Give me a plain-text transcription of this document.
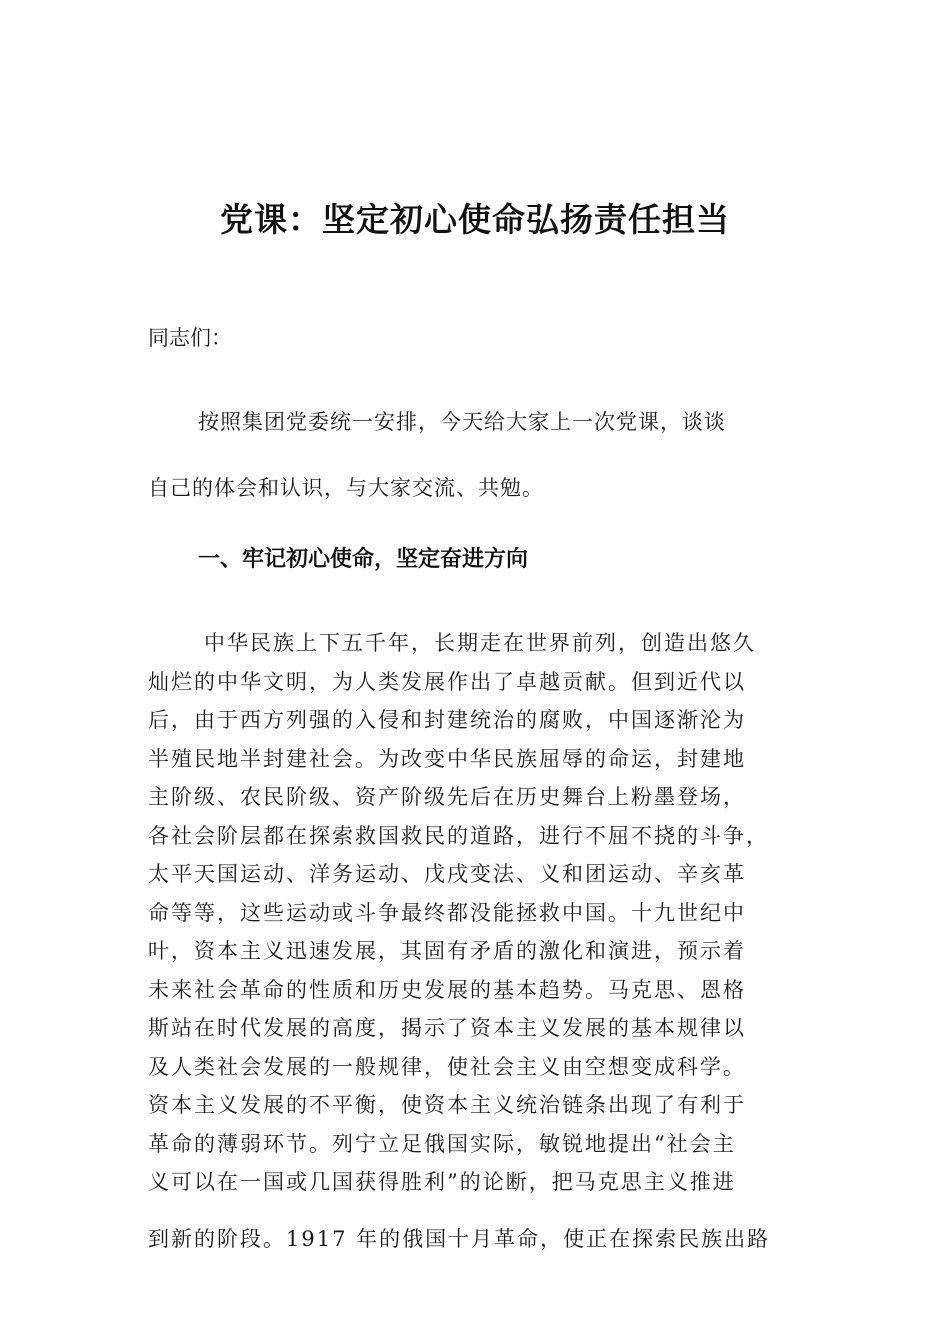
党课：坚定初心使命弘扬责任担当
同志们：
按照集团党委统一安排，今天给大家上一次党课，谈谈
自己的体会和认识，与大家交流、共勉。
一、牢记初心使命，坚定奋进方向
中华民族上下五千年，长期走在世界前列，创造出悠久
灿烂的中华文明，为人类发展作出了卓越贡献。但到近代以
后，由于西方列强的入侵和封建统治的腐败，中国逐渐沦为
半殖民地半封建社会。为改变中华民族屈辱的命运，封建地
主阶级、农民阶级、资产阶级先后在历史舞台上粉墨登场，
各社会阶层都在探索救国救民的道路，进行不屈不挠的斗争，
太平天国运动、洋务运动、戊戌变法、义和团运动、辛亥革
命等等，这些运动或斗争最终都没能拯救中国。十九世纪中
叶，资本主义迅速发展，其固有矛盾的激化和演进，预示着
未来社会革命的性质和历史发展的基本趋势。马克思、恩格
斯站在时代发展的高度，揭示了资本主义发展的基本规律以
及人类社会发展的一般规律，使社会主义由空想变成科学。
资本主义发展的不平衡，使资本主义统治链条出现了有利于
革命的薄弱环节。列宁立足俄国实际，敏锐地提出“社会主
义可以在一国或几国获得胜利”的论断，把马克思主义推进
到新的阶段。1917 年的俄国十月革命，使正在探索民族出路
